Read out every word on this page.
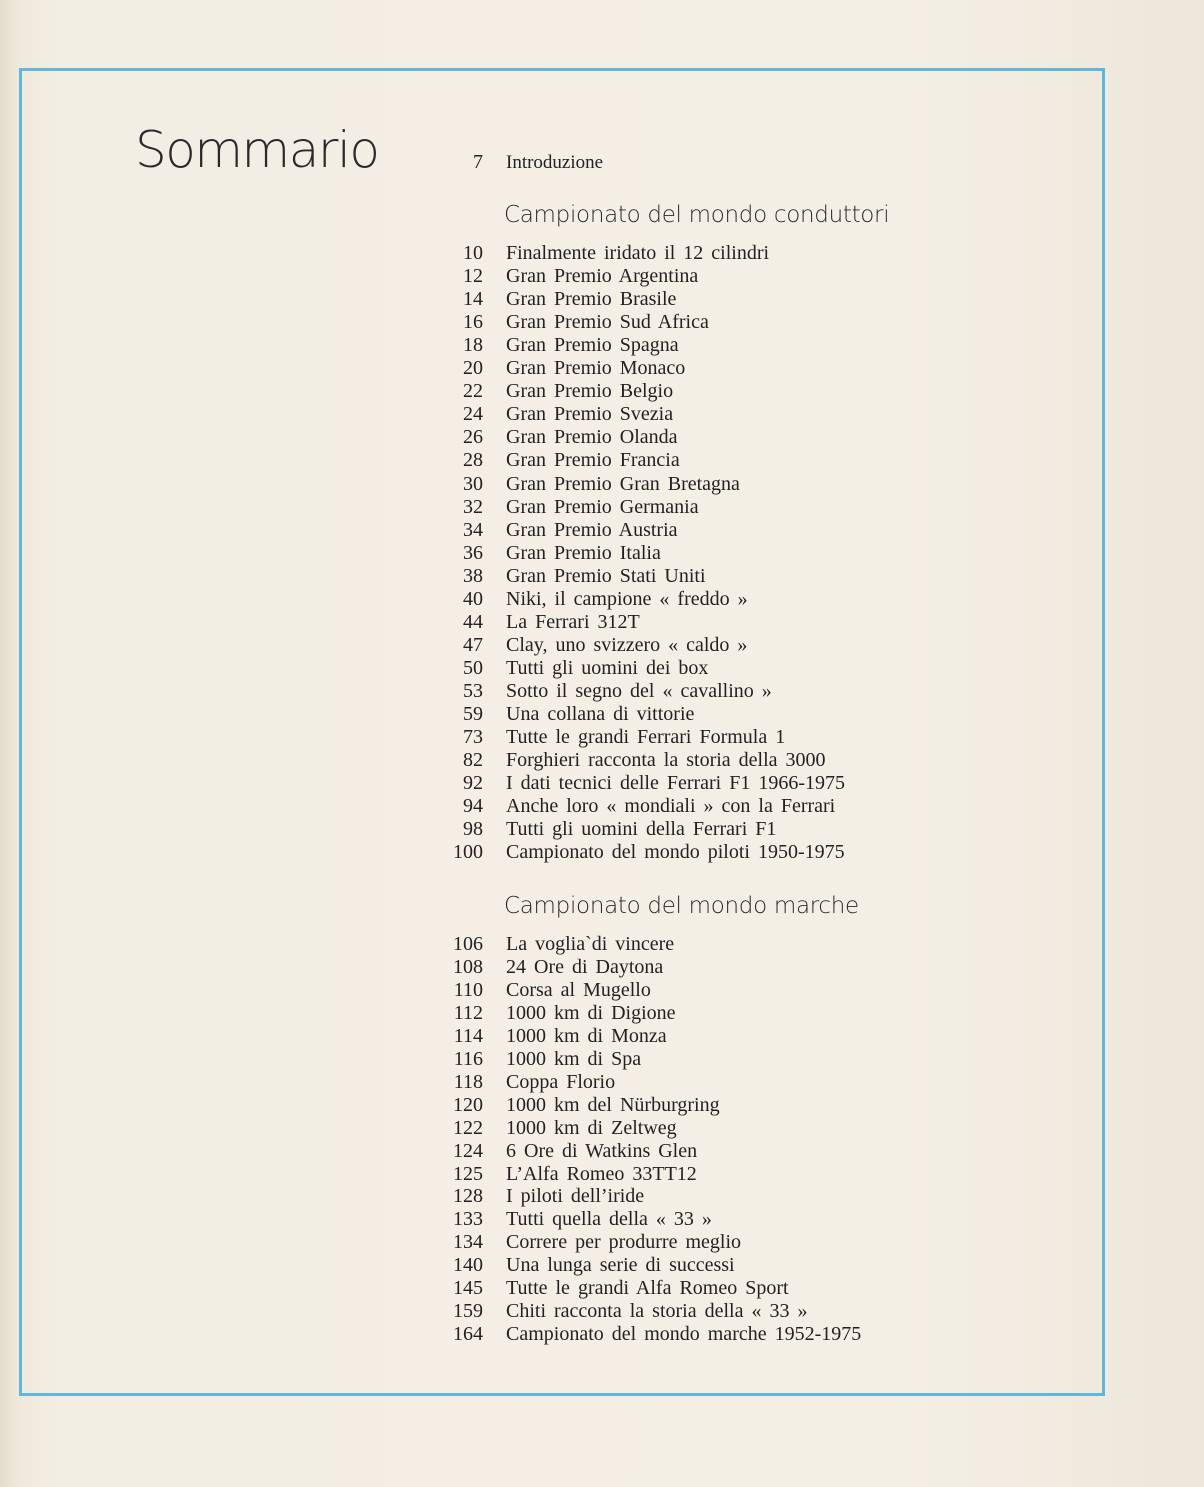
Sommario	7 Introduzione
Campionato del mondo conduttori
10 Finalmente iridato il 12 cilindri
12 Gran Premio Argentina
14 Gran Premio Brasile
16 Gran Premio Sud Africa
18 Gran Premio Spagna
20 Gran Premio Monaco
22 Gran Premio Belgio
24 Gran Premio Svezia
26 Gran Premio Olanda
28 Gran Premio Francia
30 Gran Premio Gran Bretagna
32 Gran Premio Germania
34 Gran Premio Austria
36 Gran Premio Italia
38 Gran Premio Stati Uniti
40 Niki, il campione « freddo »
44 La Ferrari 312T
47 Clay, uno svizzero « caldo »
50 Tutti gli uomini dei box
53 Sotto il segno del « cavallino »
59 Una collana di vittorie
73 Tutte le grandi Ferrari Formula 1
82 Forghieri racconta la storia della 3000
92 I dati tecnici delle Ferrari F1 1966-1975
94 Anche loro « mondiali » con la Ferrari
98 Tutti gli uomini della Ferrari F1
100 Campionato del mondo piloti 1950-1975
Campionato del mondo marche
106 La voglia`di vincere
108 24 Ore di Daytona
110 Corsa al Mugello
112 1000 km di Digione
114 1000 km di Monza
116 1000 km di Spa
118 Coppa Florio
120 1000 km del Nürburgring
122 1000 km di Zeltweg
124 6 Ore di Watkins Glen
125 L’Alfa Romeo 33TT12
128 I piloti dell’iride
133 Tutti quella della « 33 »
134 Correre per produrre meglio
140 Una lunga serie di successi
145 Tutte le grandi Alfa Romeo Sport
159 Chiti racconta la storia della « 33 »
164 Campionato del mondo marche 1952-1975
